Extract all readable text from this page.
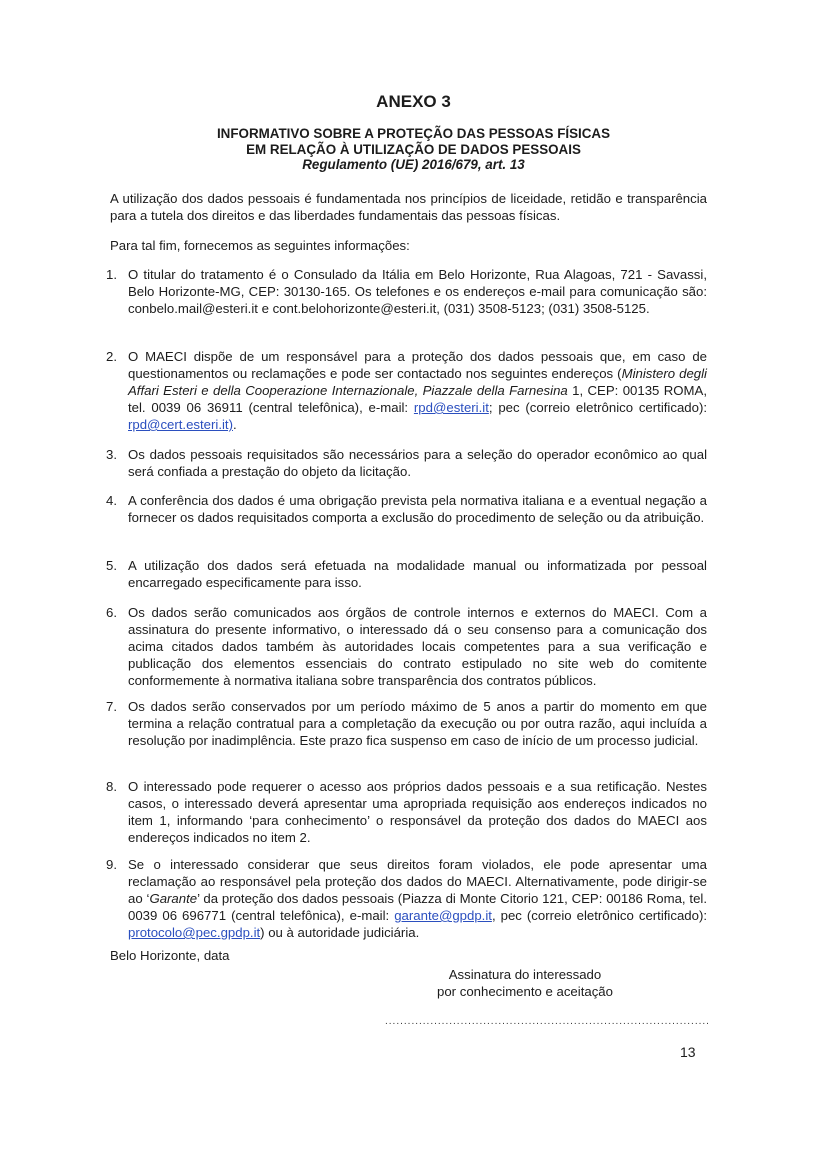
ANEXO 3
INFORMATIVO SOBRE A PROTEÇÃO DAS PESSOAS FÍSICAS
EM RELAÇÃO À UTILIZAÇÃO DE DADOS PESSOAIS
Regulamento (UE) 2016/679, art. 13

A utilização dos dados pessoais é fundamentada nos princípios de liceidade, retidão e transparência para a tutela dos direitos e das liberdades fundamentais das pessoas físicas.

Para tal fim, fornecemos as seguintes informações:

1. O titular do tratamento é o Consulado da Itália em Belo Horizonte, Rua Alagoas, 721 - Savassi, Belo Horizonte-MG, CEP: 30130-165. Os telefones e os endereços e-mail para comunicação são: conbelo.mail@esteri.it e cont.belohorizonte@esteri.it, (031) 3508-5123; (031) 3508-5125.
2. O MAECI dispõe de um responsável para a proteção dos dados pessoais que, em caso de questionamentos ou reclamações e pode ser contactado nos seguintes endereços (Ministero degli Affari Esteri e della Cooperazione Internazionale, Piazzale della Farnesina 1, CEP: 00135 ROMA, tel. 0039 06 36911 (central telefônica), e-mail: rpd@esteri.it; pec (correio eletrônico certificado): rpd@cert.esteri.it).
3. Os dados pessoais requisitados são necessários para a seleção do operador econômico ao qual será confiada a prestação do objeto da licitação.
4. A conferência dos dados é uma obrigação prevista pela normativa italiana e a eventual negação a fornecer os dados requisitados comporta a exclusão do procedimento de seleção ou da atribuição.
5. A utilização dos dados será efetuada na modalidade manual ou informatizada por pessoal encarregado especificamente para isso.
6. Os dados serão comunicados aos órgãos de controle internos e externos do MAECI. Com a assinatura do presente informativo, o interessado dá o seu consenso para a comunicação dos acima citados dados também às autoridades locais competentes para a sua verificação e publicação dos elementos essenciais do contrato estipulado no site web do comitente conformemente à normativa italiana sobre transparência dos contratos públicos.
7. Os dados serão conservados por um período máximo de 5 anos a partir do momento em que termina a relação contratual para a completação da execução ou por outra razão, aqui incluída a resolução por inadimplência. Este prazo fica suspenso em caso de início de um processo judicial.
8. O interessado pode requerer o acesso aos próprios dados pessoais e a sua retificação. Nestes casos, o interessado deverá apresentar uma apropriada requisição aos endereços indicados no item 1, informando ‘para conhecimento’ o responsável da proteção dos dados do MAECI aos endereços indicados no item 2.
9. Se o interessado considerar que seus direitos foram violados, ele pode apresentar uma reclamação ao responsável pela proteção dos dados do MAECI. Alternativamente, pode dirigir-se ao ‘Garante’ da proteção dos dados pessoais (Piazza di Monte Citorio 121, CEP: 00186 Roma, tel. 0039 06 696771 (central telefônica), e-mail: garante@gpdp.it, pec (correio eletrônico certificado): protocolo@pec.gpdp.it) ou à autoridade judiciária.

Belo Horizonte, data

Assinatura do interessado
por conhecimento e aceitação
......................................................................................
13
